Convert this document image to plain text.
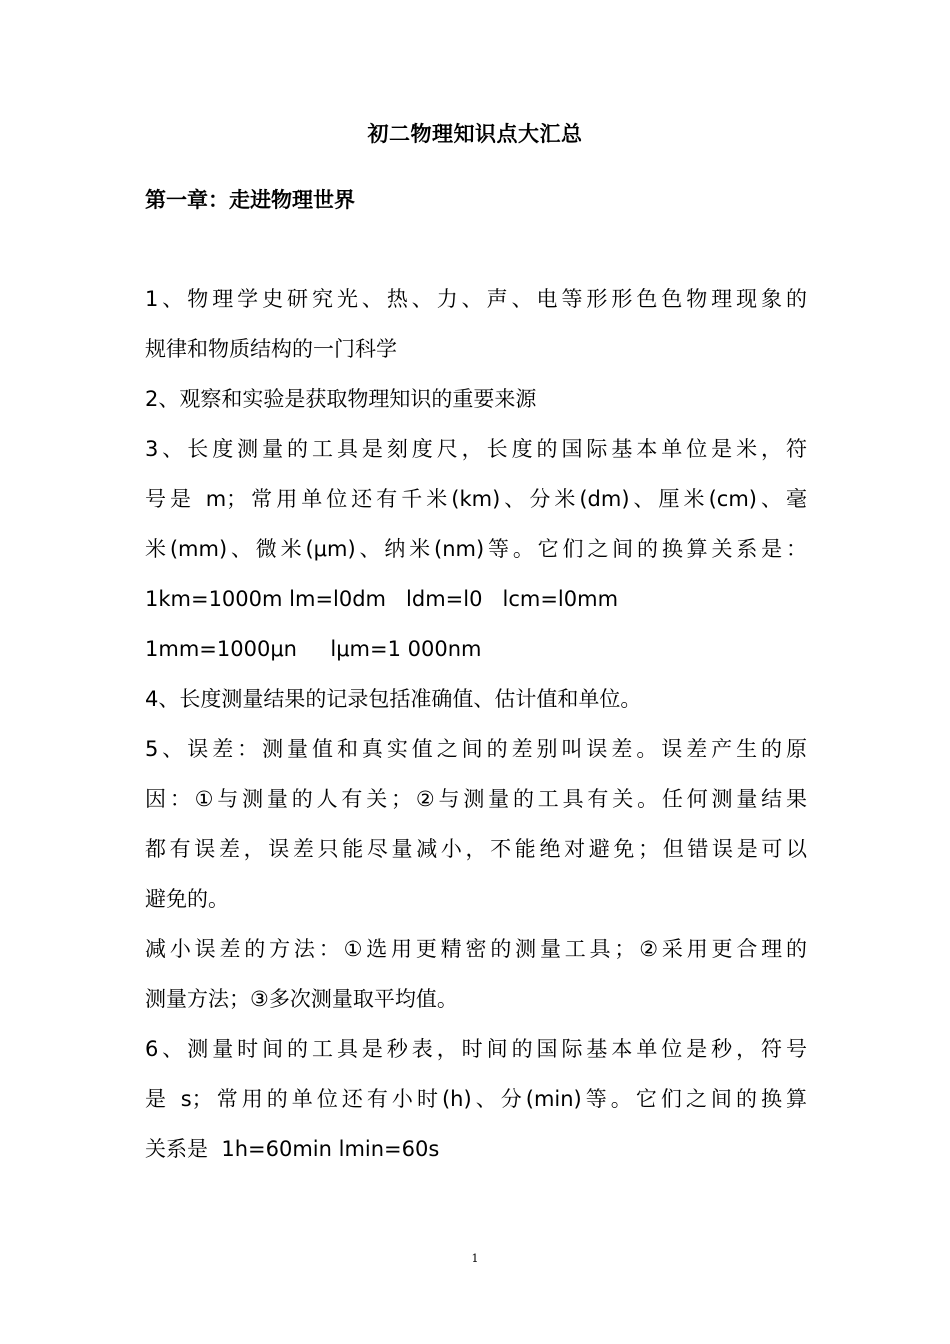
初二物理知识点大汇总
第一章：走进物理世界
1、物理学史研究光、热、力、声、电等形形色色物理现象的
规律和物质结构的一门科学
2、观察和实验是获取物理知识的重要来源
3、长度测量的工具是刻度尺，长度的国际基本单位是米，符
号是 m；常用单位还有千米(km)、分米(dm)、厘米(cm)、毫
米(mm)、微米(μm)、纳米(nm)等。它们之间的换算关系是：
1km=1000m lm=l0dm   ldm=l0   lcm=l0mm
1mm=1000μn     lμm=1 000nm
4、长度测量结果的记录包括准确值、估计值和单位。
5、误差：测量值和真实值之间的差别叫误差。误差产生的原
因：①与测量的人有关；②与测量的工具有关。任何测量结果
都有误差，误差只能尽量减小，不能绝对避免；但错误是可以
避免的。
减小误差的方法：①选用更精密的测量工具；②采用更合理的
测量方法；③多次测量取平均值。
6、测量时间的工具是秒表，时间的国际基本单位是秒，符号
是 s；常用的单位还有小时(h)、分(min)等。它们之间的换算
关系是  1h=60min lmin=60s
1
